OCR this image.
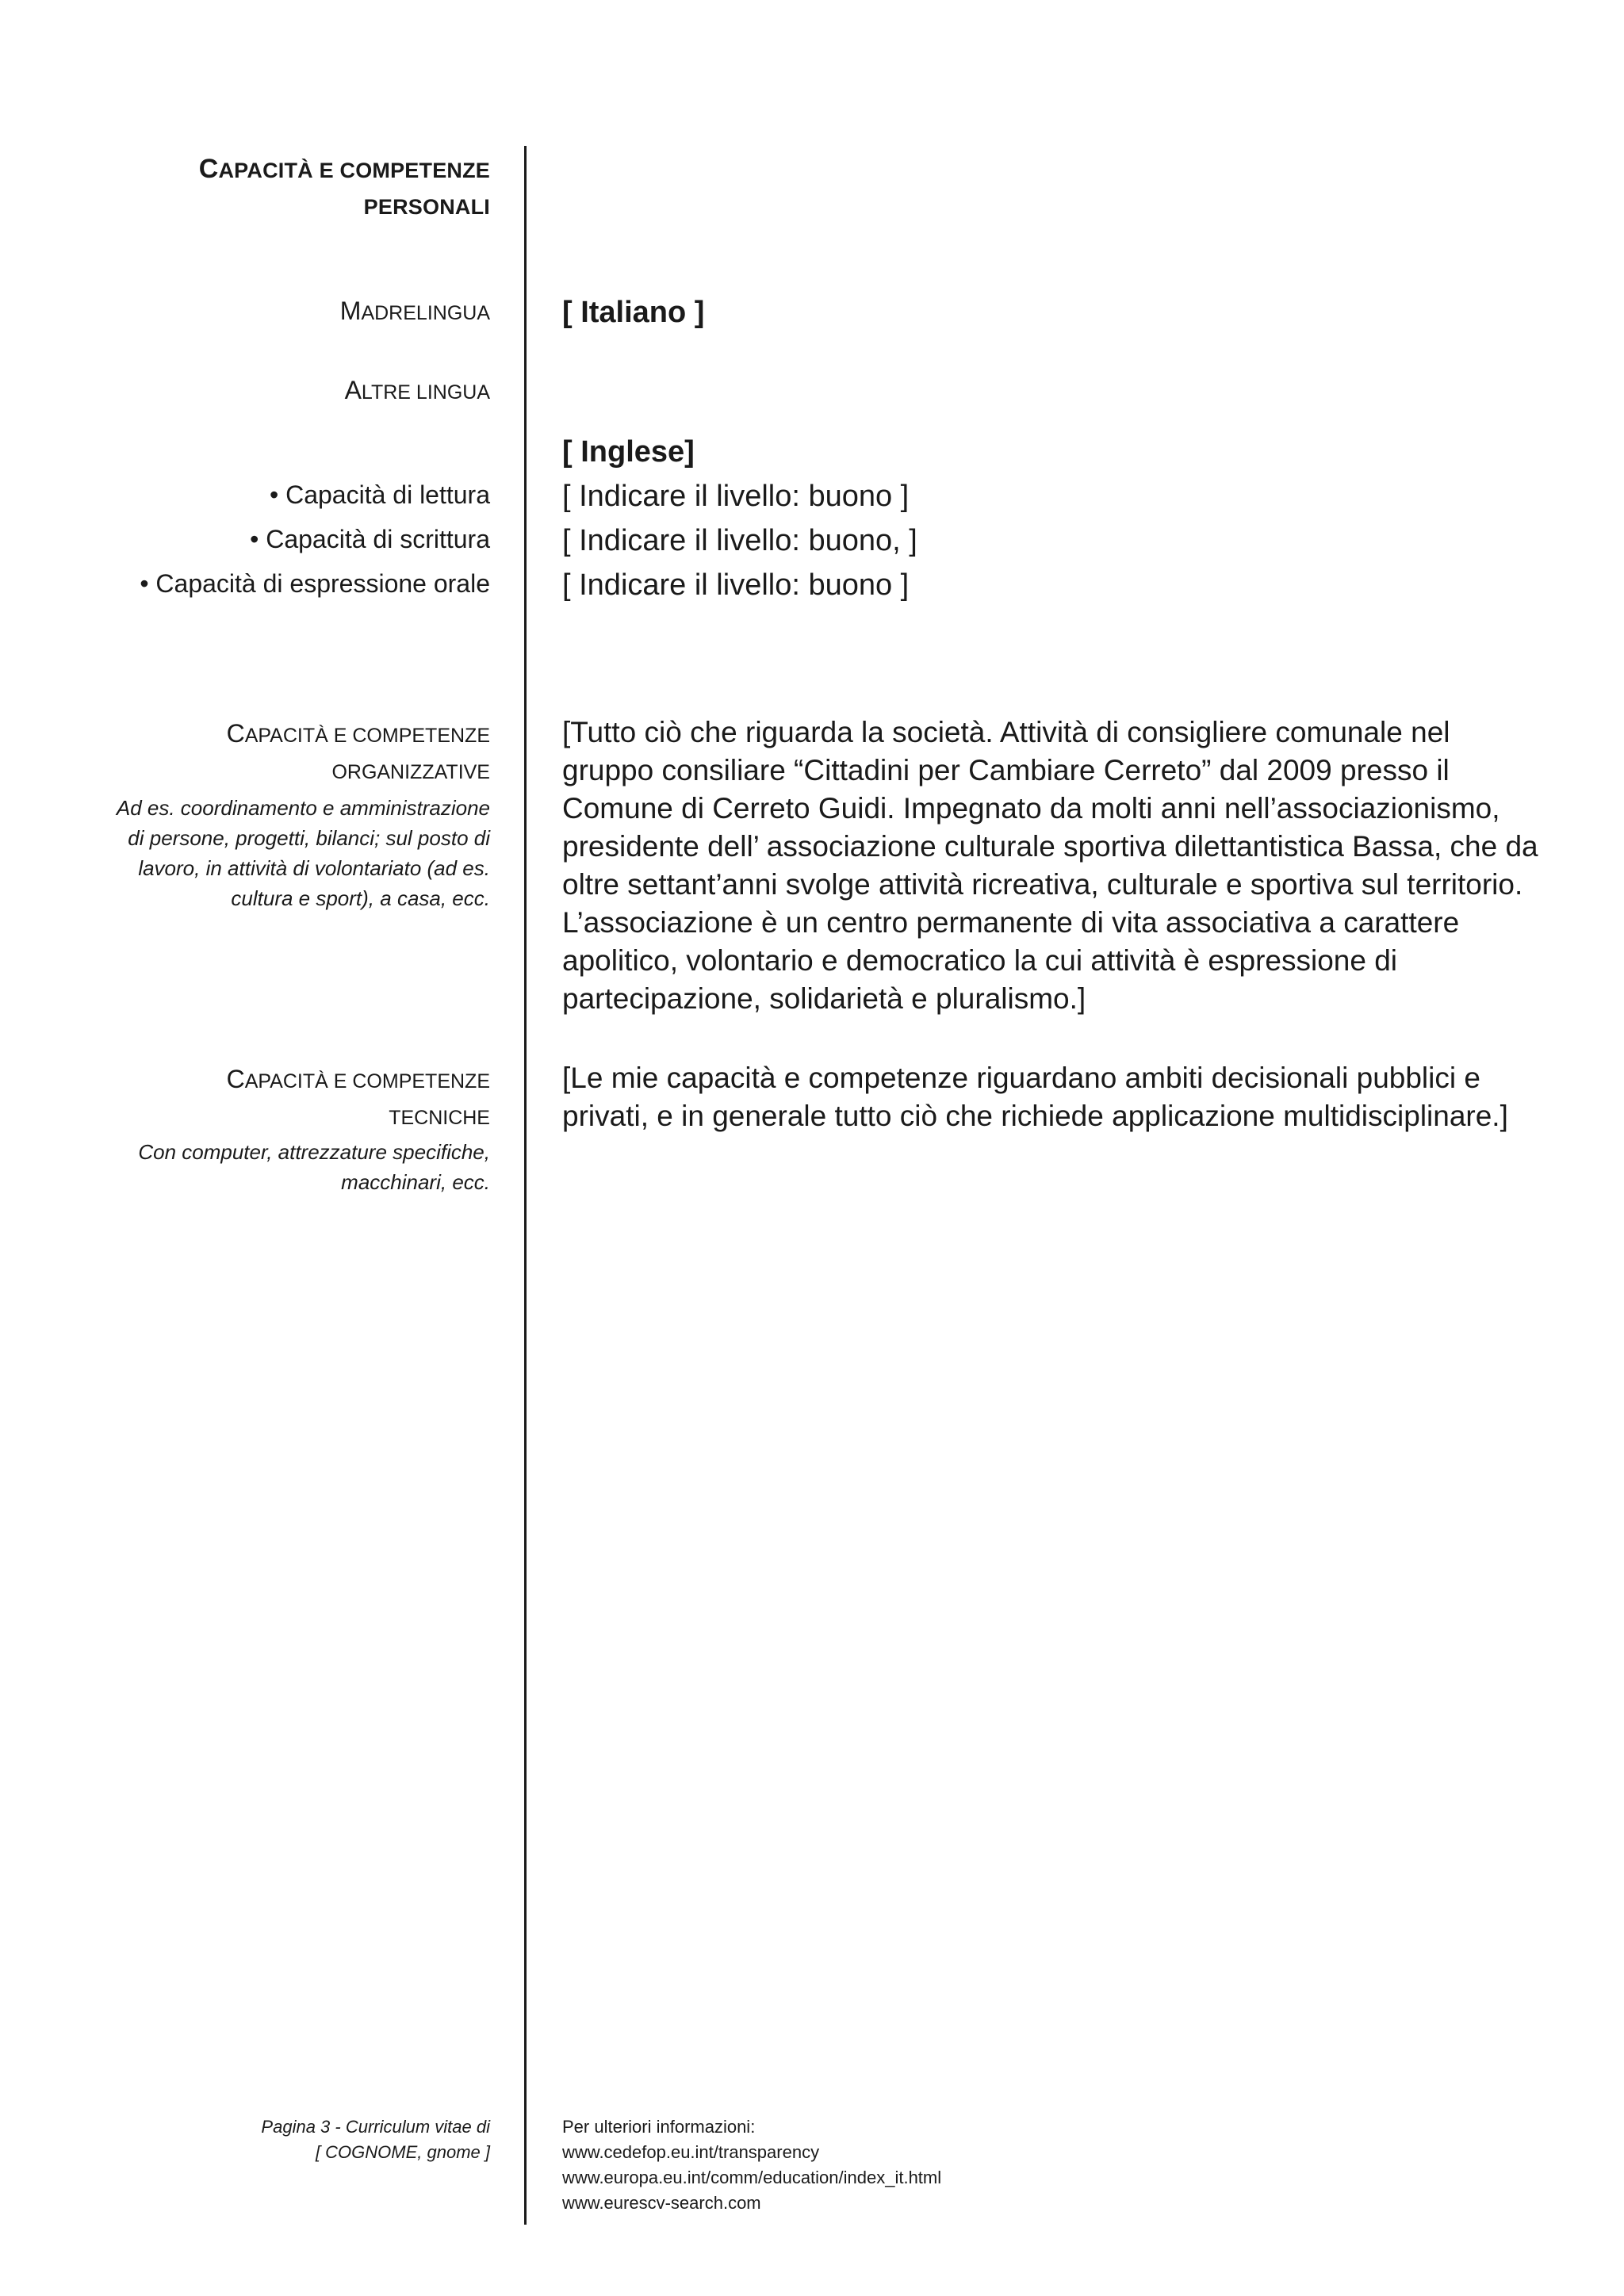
CAPACITÀ E COMPETENZE
PERSONALI
MADRELINGUA [ Italiano ]
ALTRE LINGUA
[ Inglese]
• Capacità di lettura [ Indicare il livello: buono ]
• Capacità di scrittura [ Indicare il livello: buono, ]
• Capacità di espressione orale [ Indicare il livello: buono ]
CAPACITÀ E COMPETENZE
ORGANIZZATIVE
Ad es. coordinamento e amministrazione
di persone, progetti, bilanci; sul posto di
lavoro, in attività di volontariato (ad es.
cultura e sport), a casa, ecc.

[Tutto ciò che riguarda la società. Attività di consigliere comunale nel gruppo consiliare “Cittadini per Cambiare Cerreto” dal 2009 presso il Comune di Cerreto Guidi. Impegnato da molti anni nell’associazionismo, presidente dell’ associazione culturale sportiva dilettantistica Bassa, che da oltre settant’anni svolge attività ricreativa, culturale e sportiva sul territorio. L’associazione è un centro permanente di vita associativa a carattere apolitico, volontario e democratico la cui attività è espressione di partecipazione, solidarietà e pluralismo.]

CAPACITÀ E COMPETENZE
TECNICHE
Con computer, attrezzature specifiche,
macchinari, ecc.

[Le mie capacità e competenze riguardano ambiti decisionali pubblici e privati, e in generale tutto ciò che richiede applicazione multidisciplinare.]

Pagina 3 - Curriculum vitae di
[ COGNOME, gnome ]
Per ulteriori informazioni:
www.cedefop.eu.int/transparency
www.europa.eu.int/comm/education/index_it.html
www.eurescv-search.com
